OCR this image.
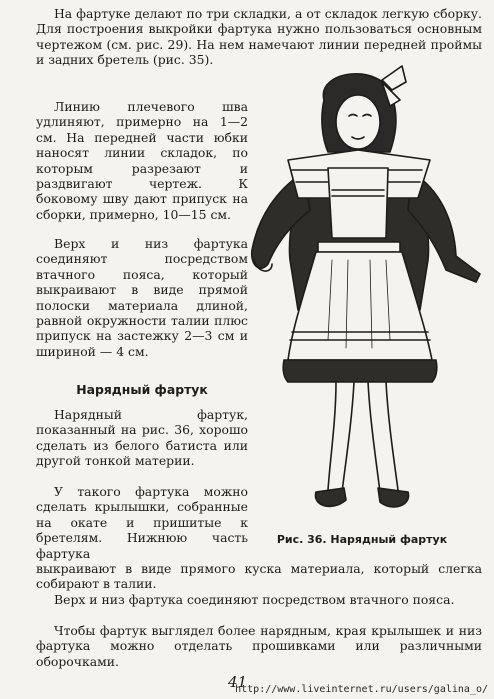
На фартуке делают по три складки, а от складок легкую сборку. Для построения выкройки фартука нужно пользоваться основным чертежом (см. рис. 29). На нем намечают линии передней проймы и задних бретель (рис. 35).
Линию плечевого шва удлиняют, примерно на 1—2 см. На передней части юбки наносят линии складок, по которым разрезают и раздвигают чертеж. К боковому шву дают припуск на сборки, примерно, 10—15 см.
Верх и низ фартука соединяют посредством втачного пояса, который выкраивают в виде прямой полоски материала длиной, равной окружности талии плюс припуск на застежку 2—3 см и шириной — 4 см.
Нарядный фартук
Нарядный фартук, показанный на рис. 36, хорошо сделать из белого батиста или другой тонкой материи.
У такого фартука можно сделать крылышки, собранные на окате и пришитые к бретелям. Нижнюю часть фартука
выкраивают в виде прямого куска материала, который слегка собирают в талии.
Верх и низ фартука соединяют посредством втачного пояса.
Чтобы фартук выглядел более нарядным, края крылышек и низ фартука можно отделать прошивками или различными оборочками.
Рис. 36. Нарядный фартук
41
http://www.liveinternet.ru/users/galina_o/
